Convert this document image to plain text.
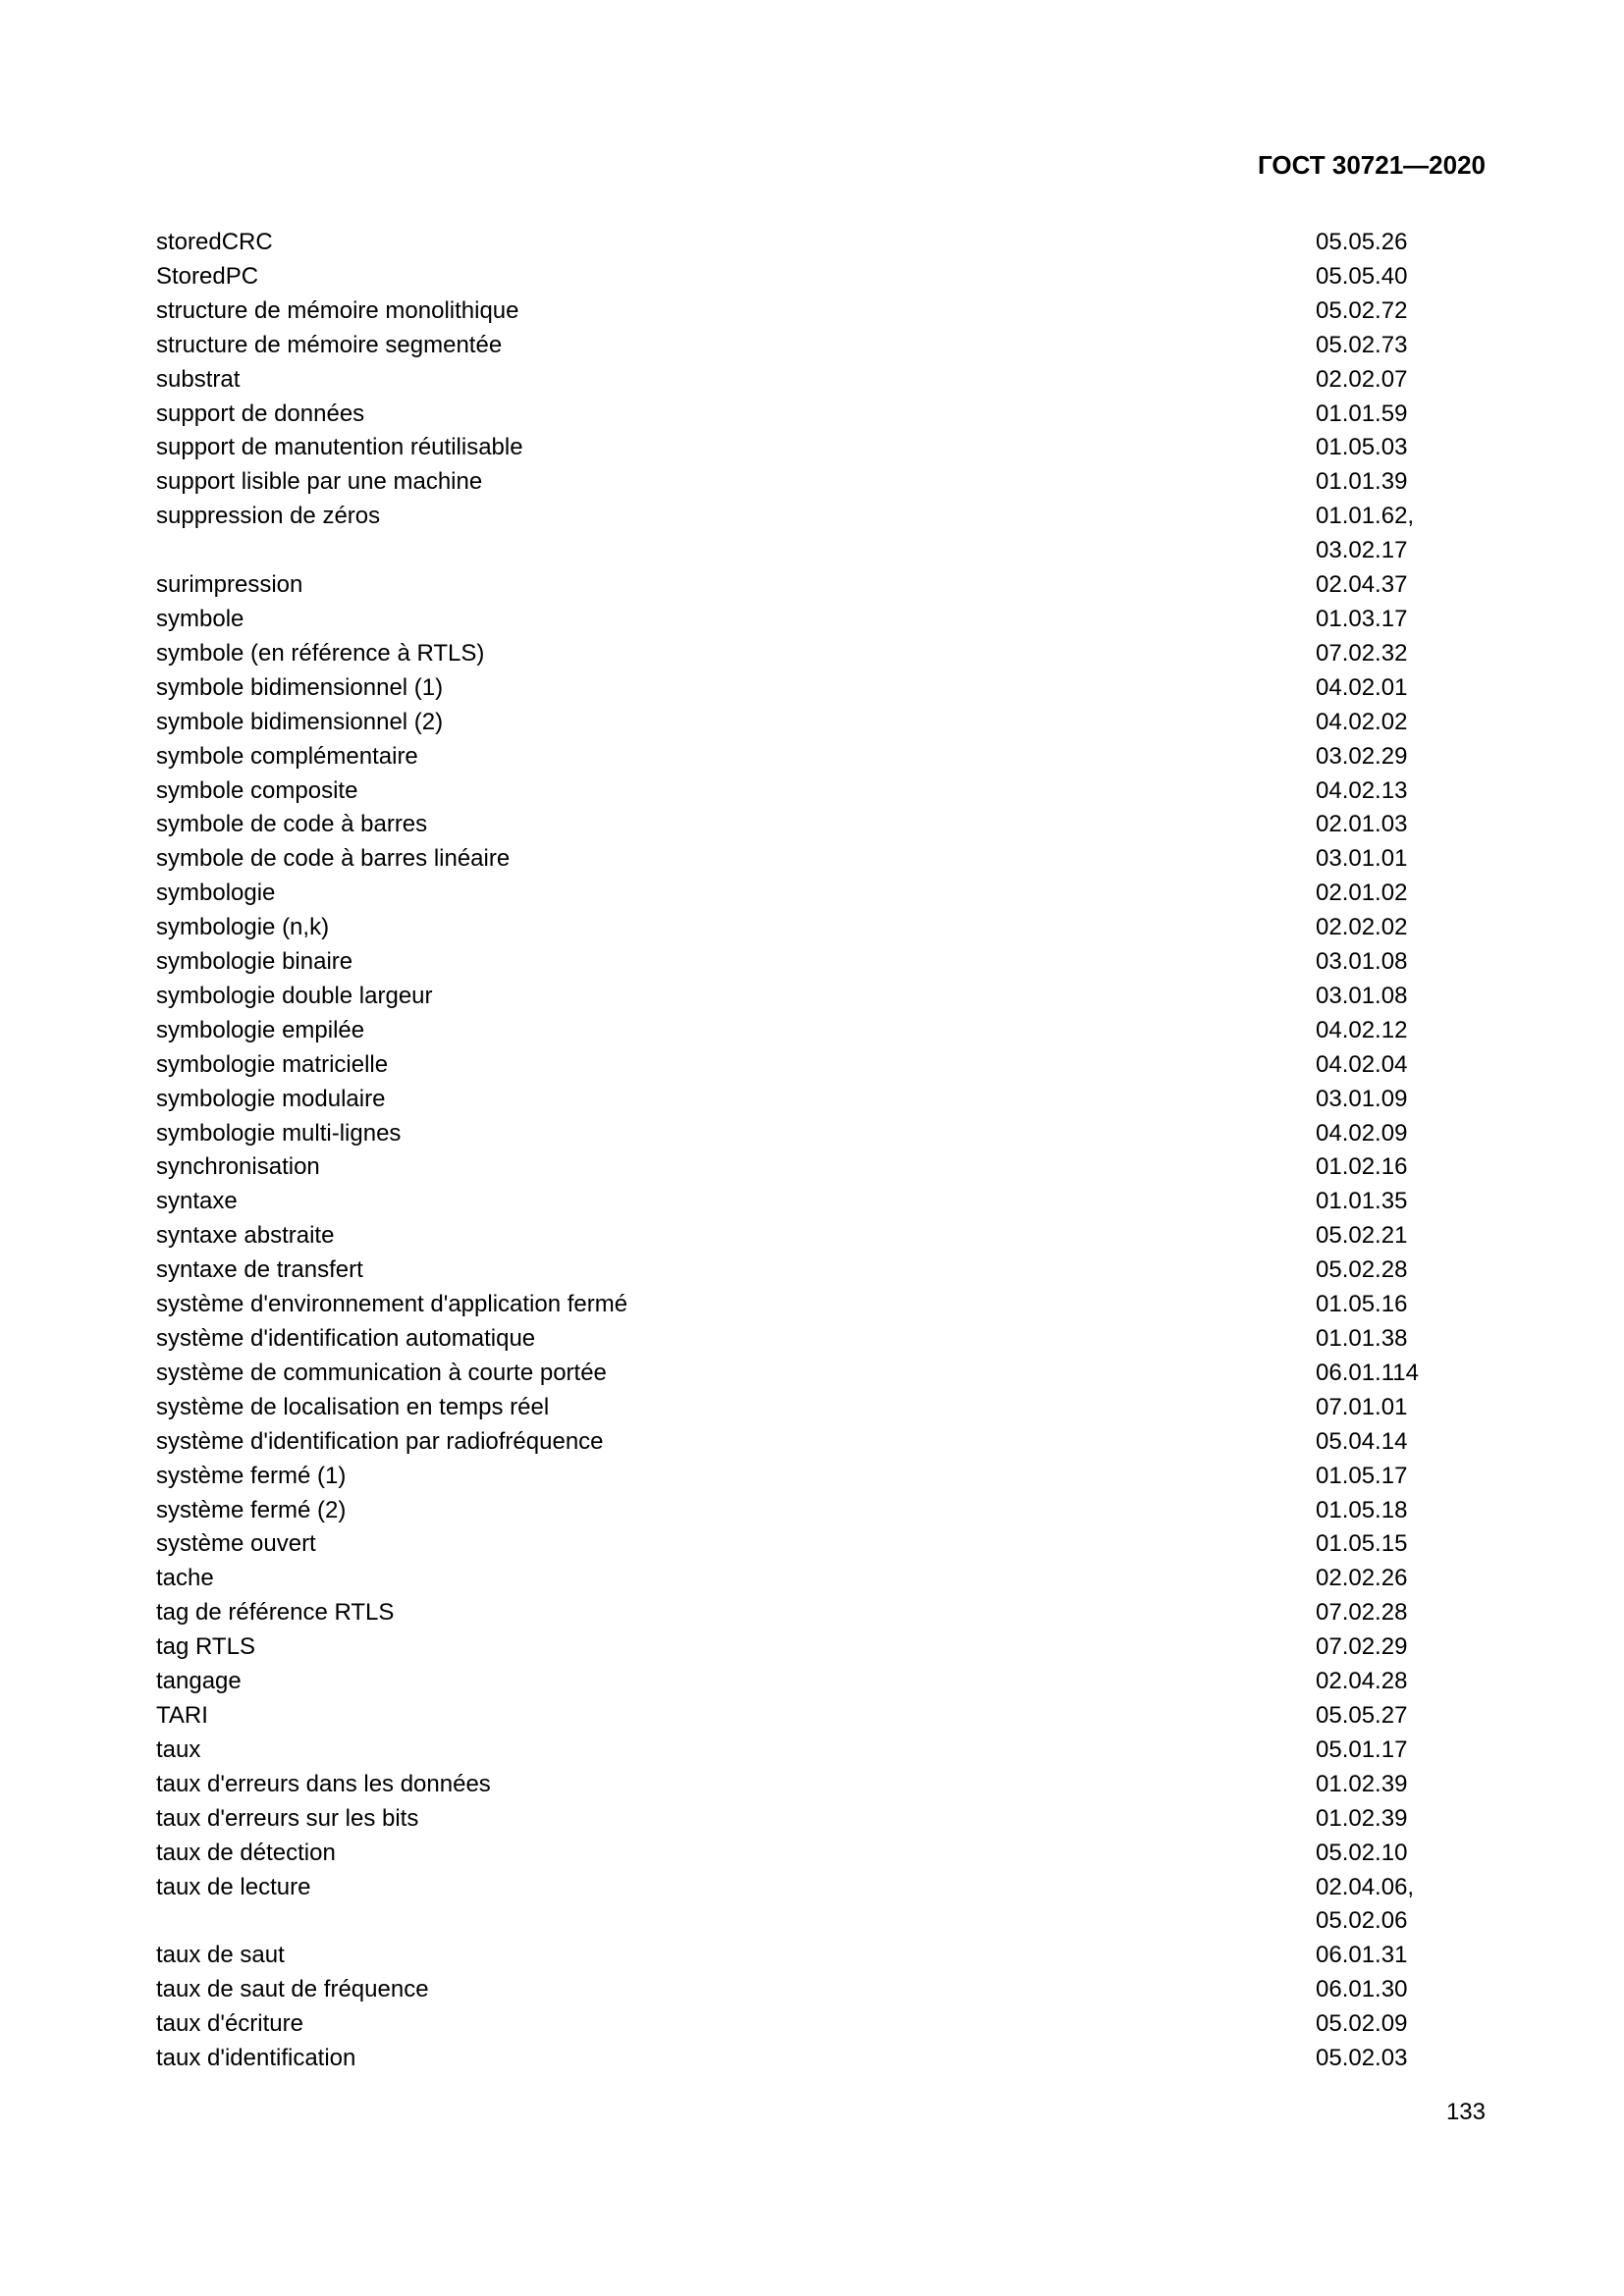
ГОСТ 30721—2020
storedCRC	05.05.26
StoredPC	05.05.40
structure de mémoire monolithique	05.02.72
structure de mémoire segmentée	05.02.73
substrat	02.02.07
support de données	01.01.59
support de manutention réutilisable	01.05.03
support lisible par une machine	01.01.39
suppression de zéros	01.01.62,
03.02.17
surimpression	02.04.37
symbole	01.03.17
symbole (en référence à RTLS)	07.02.32
symbole bidimensionnel (1)	04.02.01
symbole bidimensionnel (2)	04.02.02
symbole complémentaire	03.02.29
symbole composite	04.02.13
symbole de code à barres	02.01.03
symbole de code à barres linéaire	03.01.01
symbologie	02.01.02
symbologie (n,k)	02.02.02
symbologie binaire	03.01.08
symbologie double largeur	03.01.08
symbologie empilée	04.02.12
symbologie matricielle	04.02.04
symbologie modulaire	03.01.09
symbologie multi-lignes	04.02.09
synchronisation	01.02.16
syntaxe	01.01.35
syntaxe abstraite	05.02.21
syntaxe de transfert	05.02.28
système d'environnement d'application fermé	01.05.16
système d'identification automatique	01.01.38
système de communication à courte portée	06.01.114
système de localisation en temps réel	07.01.01
système d'identification par radiofréquence	05.04.14
système fermé (1)	01.05.17
système fermé (2)	01.05.18
système ouvert	01.05.15
tache	02.02.26
tag de référence RTLS	07.02.28
tag RTLS	07.02.29
tangage	02.04.28
TARI	05.05.27
taux	05.01.17
taux d'erreurs dans les données	01.02.39
taux d'erreurs sur les bits	01.02.39
taux de détection	05.02.10
taux de lecture	02.04.06,
05.02.06
taux de saut	06.01.31
taux de saut de fréquence	06.01.30
taux d'écriture	05.02.09
taux d'identification	05.02.03
133
